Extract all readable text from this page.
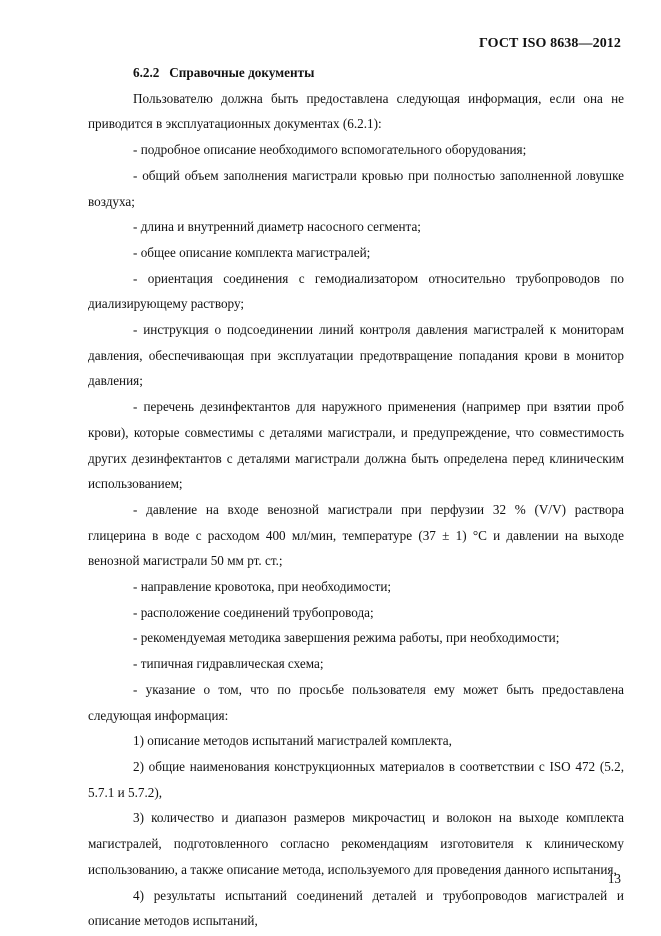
ГОСТ ISO 8638—2012

6.2.2 Справочные документы

Пользователю должна быть предоставлена следующая информация, если она не приводится в эксплуатационных документах (6.2.1):

- подробное описание необходимого вспомогательного оборудования;

- общий объем заполнения магистрали кровью при полностью заполненной ловушке воздуха;

- длина и внутренний диаметр насосного сегмента;

- общее описание комплекта магистралей;

- ориентация соединения с гемодиализатором относительно трубопроводов по диализирующему раствору;

- инструкция о подсоединении линий контроля давления магистралей к мониторам давления, обеспечивающая при эксплуатации предотвращение попадания крови в монитор давления;

- перечень дезинфектантов для наружного применения (например при взятии проб крови), которые совместимы с деталями магистрали, и предупреждение, что совместимость других дезинфектантов с деталями магистрали должна быть определена перед клиническим использованием;

- давление на входе венозной магистрали при перфузии 32 % (V/V) раствора глицерина в воде с расходом 400 мл/мин, температуре (37 ± 1) °С и давлении на выходе венозной магистрали 50 мм рт. ст.;

- направление кровотока, при необходимости;

- расположение соединений трубопровода;

- рекомендуемая методика завершения режима работы, при необходимости;

- типичная гидравлическая схема;

- указание о том, что по просьбе пользователя ему может быть предоставлена следующая информация:

1) описание методов испытаний магистралей комплекта,

2) общие наименования конструкционных материалов в соответствии с ISO 472 (5.2, 5.7.1 и 5.7.2),

3) количество и диапазон размеров микрочастиц и волокон на выходе комплекта магистралей, подготовленного согласно рекомендациям изготовителя к клиническому использованию, а также описание метода, используемого для проведения данного испытания,

4) результаты испытаний соединений деталей и трубопроводов магистралей и описание методов испытаний,

13
